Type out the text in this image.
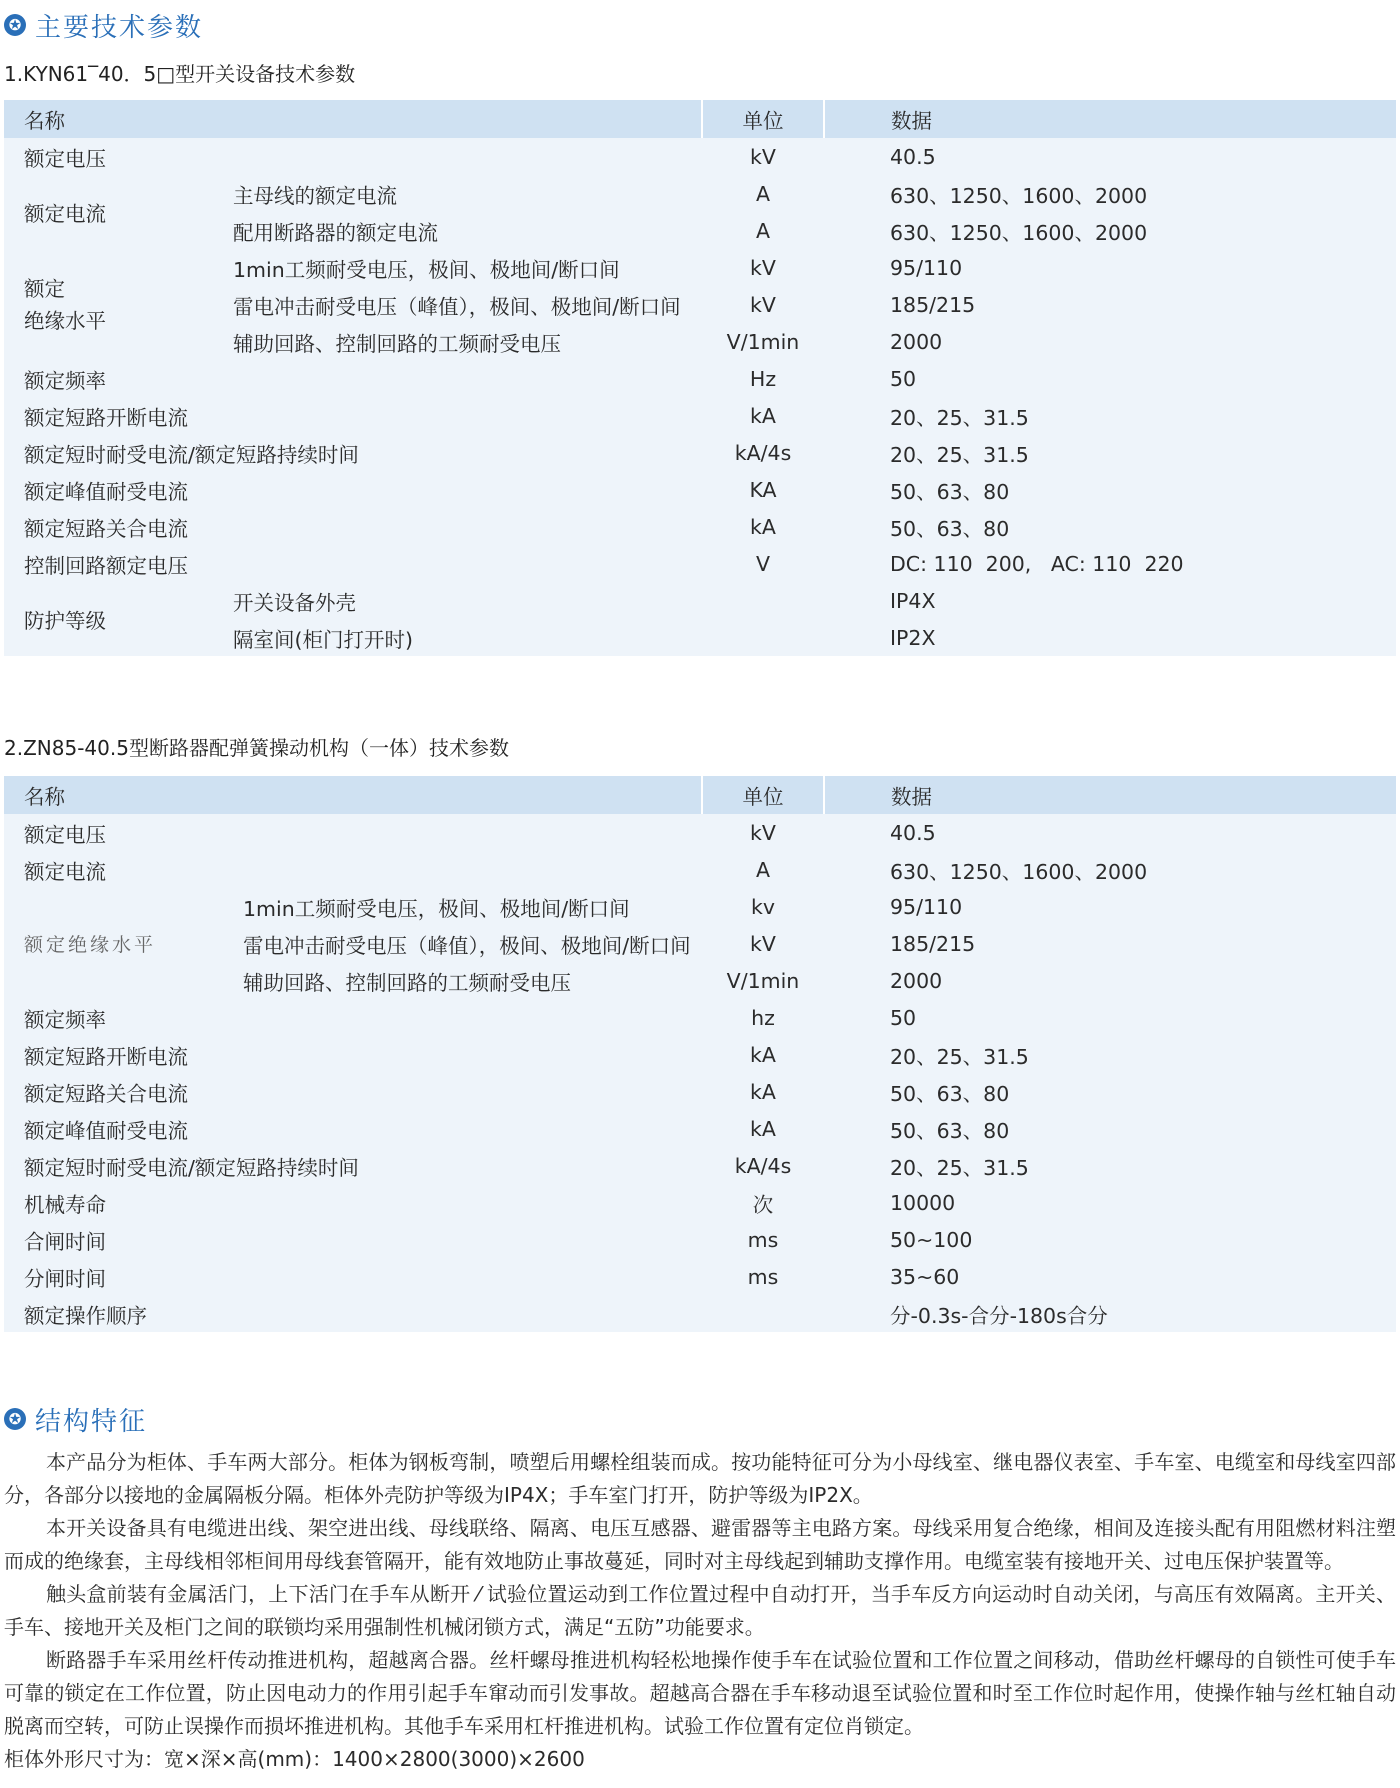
✪ 主要技术参数
1.KYN61‾40．5□型开关设备技术参数
名称		单位	数据
额定电压		kV	40.5
额定电流	主母线的额定电流	A	630、1250、1600、2000
	配用断路器的额定电流	A	630、1250、1600、2000

额定
绝缘水平	1min工频耐受电压，极间、极地间/断口间	kV	95/110
	雷电冲击耐受电压（峰值），极间、极地间/断口间	kV	185/215
	辅助回路、控制回路的工频耐受电压	V/1min	2000
额定频率		Hz	50
额定短路开断电流		kA	20、25、31.5
额定短时耐受电流/额定短路持续时间		kA/4s	20、25、31.5
额定峰值耐受电流		KA	50、63、80
额定短路关合电流		kA	50、63、80
控制回路额定电压		V	DC: 110  200,   AC: 110  220
防护等级	开关设备外壳		IP4X
	隔室间(柜门打开时)		IP2X
2.ZN85-40.5型断路器配弹簧操动机构（一体）技术参数
名称		单位	数据
额定电压		kV	40.5
额定电流		A	630、1250、1600、2000
额定绝缘水平	1min工频耐受电压，极间、极地间/断口间	kv	95/110
	雷电冲击耐受电压（峰值），极间、极地间/断口间	kV	185/215
	辅助回路、控制回路的工频耐受电压	V/1min	2000
额定频率		hz	50
额定短路开断电流		kA	20、25、31.5
额定短路关合电流		kA	50、63、80
额定峰值耐受电流		kA	50、63、80
额定短时耐受电流/额定短路持续时间		kA/4s	20、25、31.5
机械寿命		次	10000
合闸时间		ms	50~100
分闸时间		ms	35~60
额定操作顺序			分-0.3s-合分-180s合分
✪ 结构特征

本产品分为柜体、手车两大部分。柜体为钢板弯制，喷塑后用螺栓组装而成。按功能特征可分为小母线室、继电器仪表室、手车室、电缆室和母线室四部分，各部分以接地的金属隔板分隔。柜体外壳防护等级为IP4X；手车室门打开，防护等级为IP2X。

本开关设备具有电缆进出线、架空进出线、母线联络、隔离、电压互感器、避雷器等主电路方案。母线采用复合绝缘，相间及连接头配有用阻燃材料注塑而成的绝缘套，主母线相邻柜间用母线套管隔开，能有效地防止事故蔓延，同时对主母线起到辅助支撑作用。电缆室装有接地开关、过电压保护装置等。

触头盒前装有金属活门，上下活门在手车从断开 ⁄ 试验位置运动到工作位置过程中自动打开，当手车反方向运动时自动关闭，与高压有效隔离。主开关、手车、接地开关及柜门之间的联锁均采用强制性机械闭锁方式，满足“五防”功能要求。

断路器手车采用丝杆传动推进机构，超越离合器。丝杆螺母推进机构轻松地操作使手车在试验位置和工作位置之间移动，借助丝杆螺母的自锁性可使手车可靠的锁定在工作位置，防止因电动力的作用引起手车窜动而引发事故。超越高合器在手车移动退至试验位置和时至工作位时起作用，使操作轴与丝杠轴自动脱离而空转，可防止误操作而损坏推进机构。其他手车采用杠杆推进机构。试验工作位置有定位肖锁定。

柜体外形尺寸为：宽×深×高(mm)：1400×2800(3000)×2600
